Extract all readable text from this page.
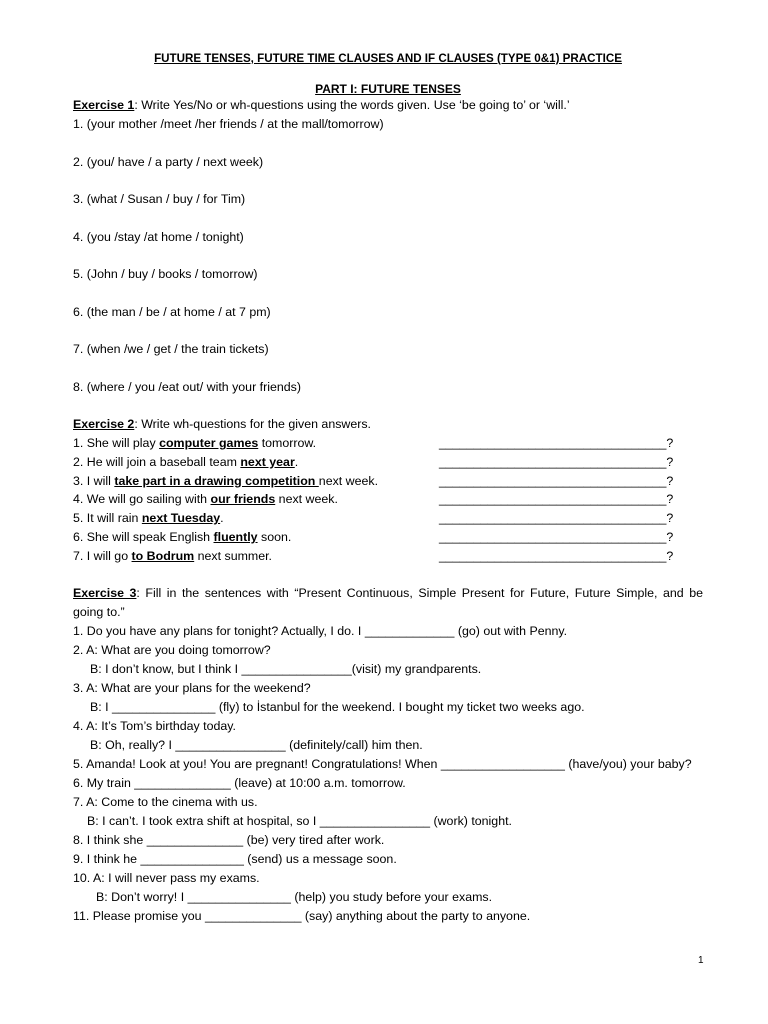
FUTURE TENSES, FUTURE TIME CLAUSES AND IF CLAUSES (TYPE 0&1) PRACTICE
PART I: FUTURE TENSES
Exercise 1: Write Yes/No or wh-questions using the words given. Use ‘be going to’ or ‘will.’
1. (your mother /meet /her friends / at the mall/tomorrow)
2. (you/ have / a party / next week)
3. (what / Susan / buy / for Tim)
4. (you /stay /at home / tonight)
5. (John / buy / books / tomorrow)
6. (the man / be / at home / at 7 pm)
7. (when /we / get / the train tickets)
8. (where / you /eat out/ with your friends)
Exercise 2: Write wh-questions for the given answers.
1. She will play computer games tomorrow.	_________________________________?
2. He will join a baseball team next year.	_________________________________?
3. I will take part in a drawing competition next week.	_________________________________?
4. We will go sailing with our friends next week.	_________________________________?
5. It will rain next Tuesday.	_________________________________?
6. She will speak English fluently soon.	_________________________________?
7. I will go to Bodrum next summer.	_________________________________?
Exercise 3: Fill in the sentences with “Present Continuous, Simple Present for Future, Future Simple, and be going to.”
1. Do you have any plans for tonight? Actually, I do. I _____________ (go) out with Penny.
2. A: What are you doing tomorrow?
B: I don’t know, but I think I ________________(visit) my grandparents.
3. A: What are your plans for the weekend?
B: I _______________ (fly) to İstanbul for the weekend. I bought my ticket two weeks ago.
4. A: It’s Tom’s birthday today.
B: Oh, really? I ________________ (definitely/call) him then.
5. Amanda! Look at you! You are pregnant! Congratulations! When __________________ (have/you) your baby?
6. My train ______________ (leave) at 10:00 a.m. tomorrow.
7. A: Come to the cinema with us.
B: I can’t. I took extra shift at hospital, so I ________________ (work) tonight.
8. I think she ______________ (be) very tired after work.
9. I think he _______________ (send) us a message soon.
10. A: I will never pass my exams.
B: Don’t worry! I _______________ (help) you study before your exams.
11. Please promise you ______________ (say) anything about the party to anyone.
1
